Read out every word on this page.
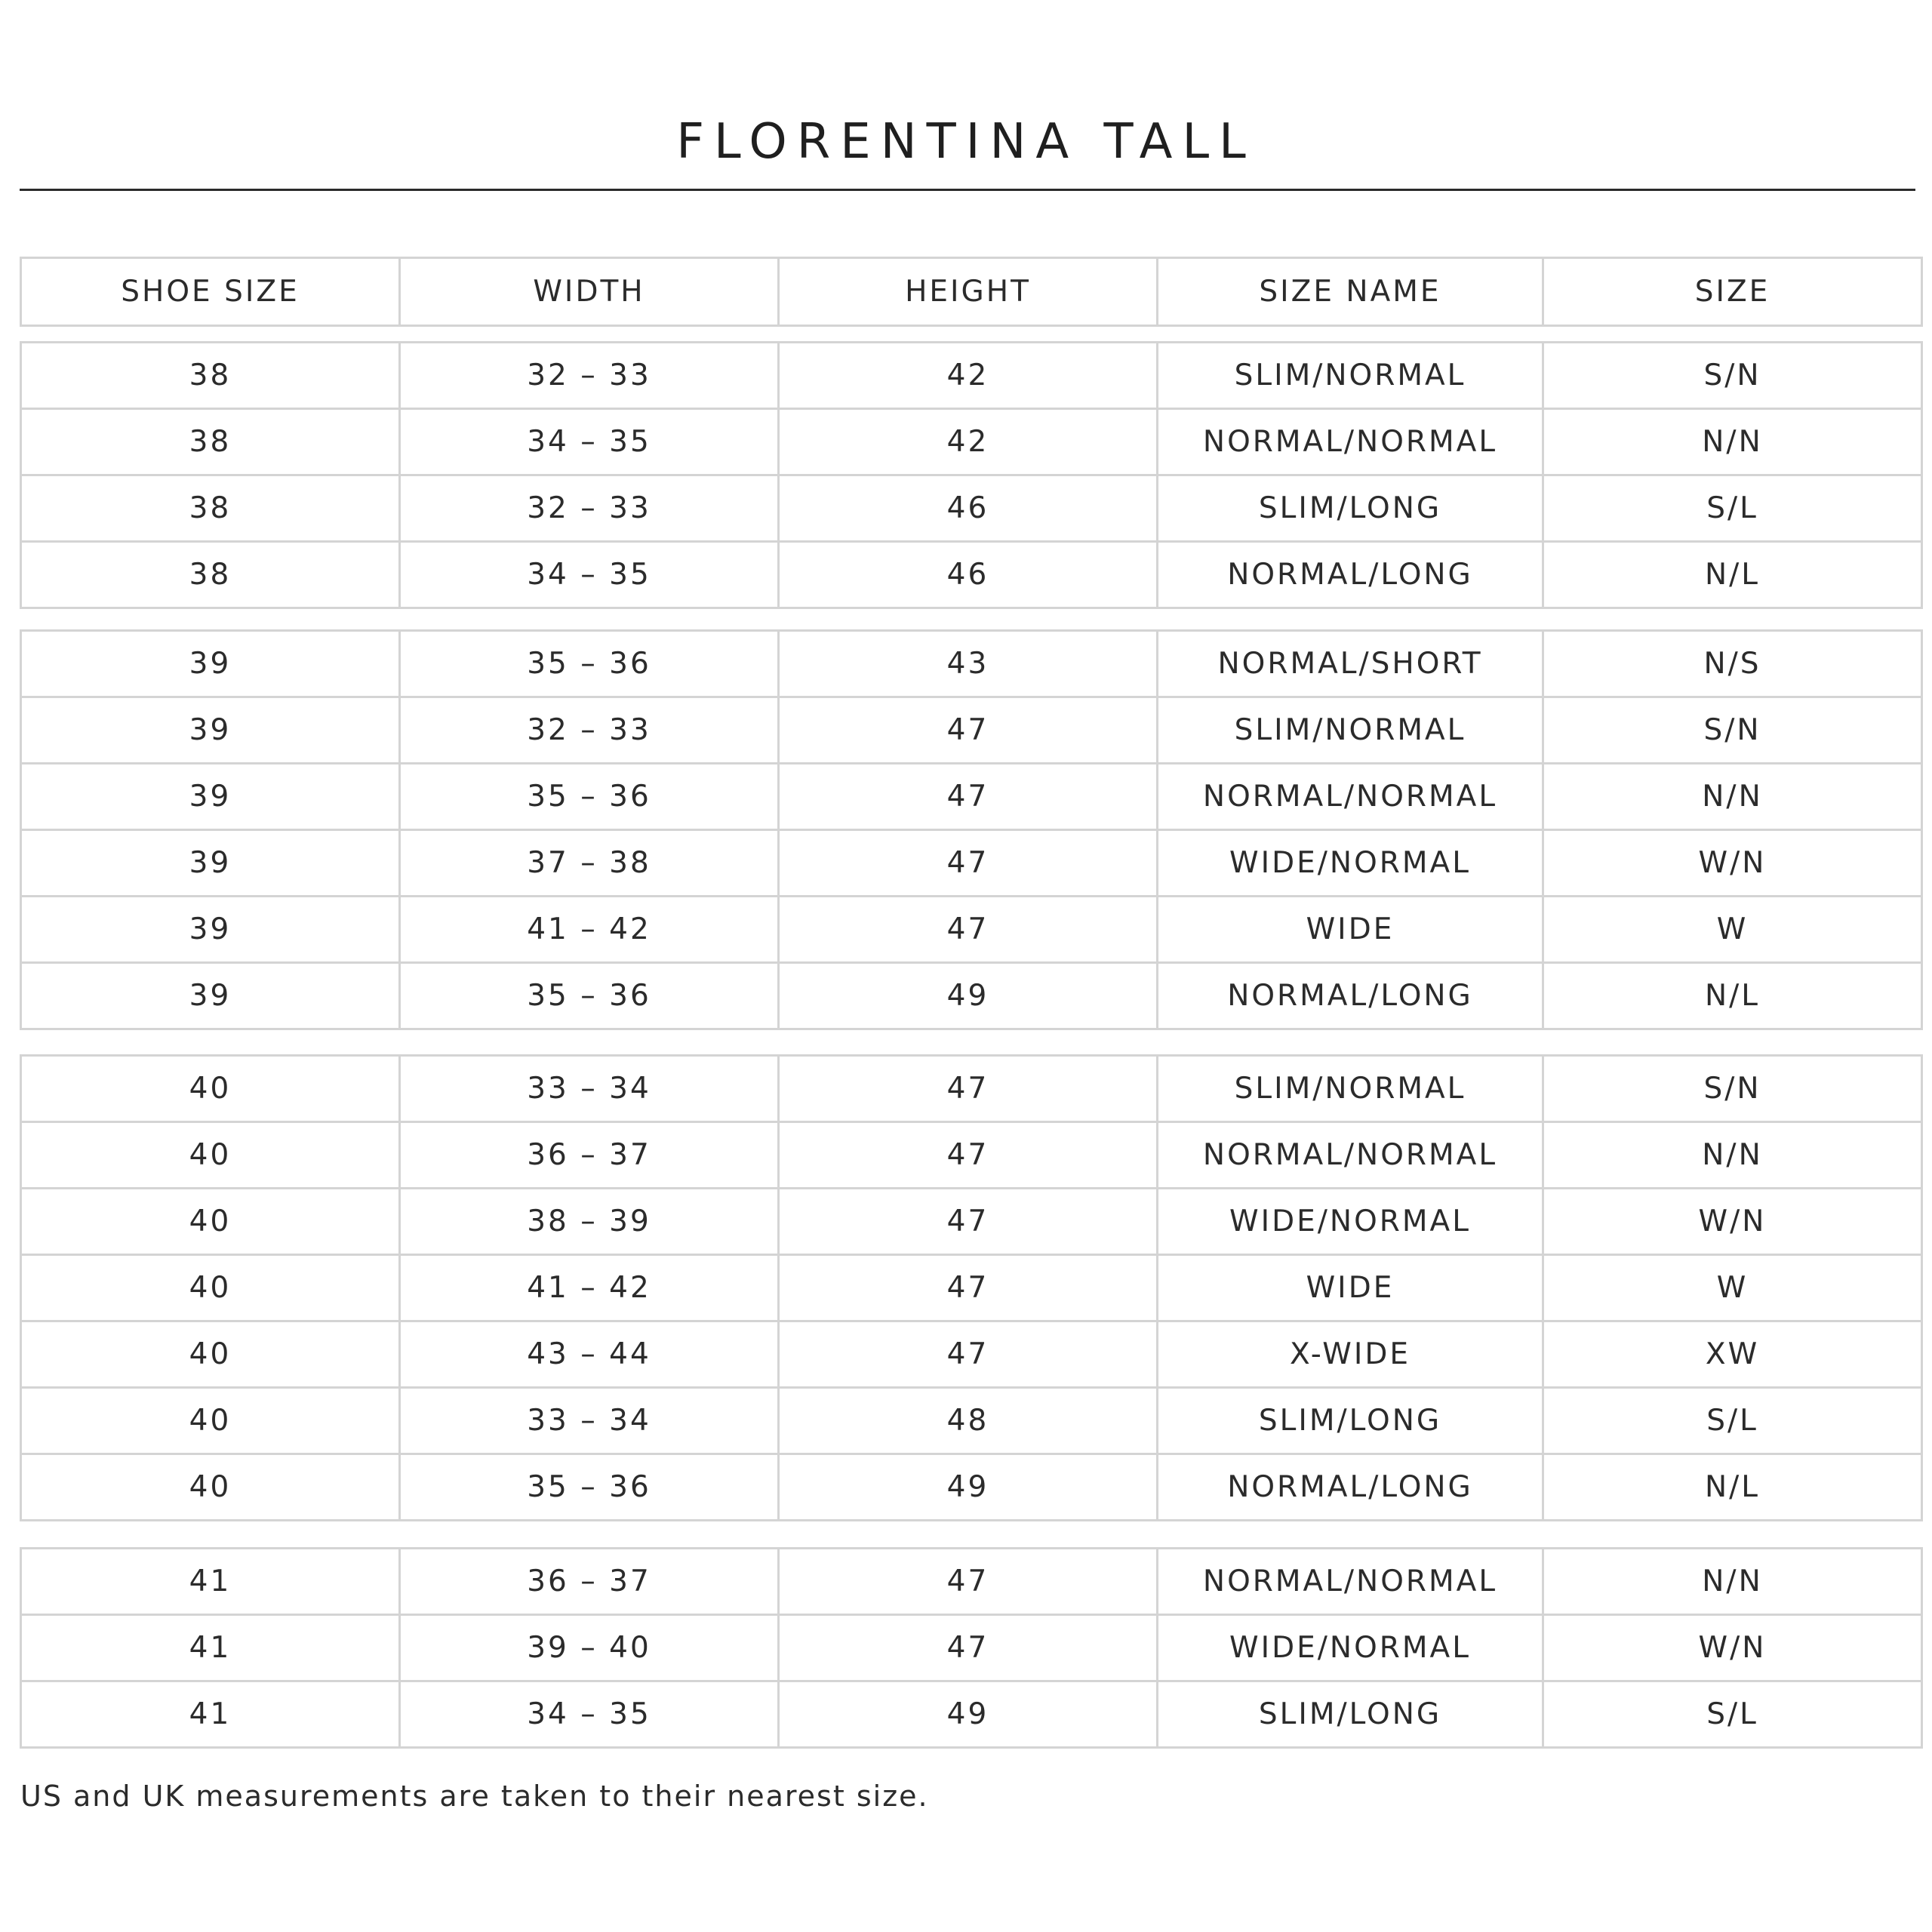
FLORENTINA TALL
SHOE SIZE	WIDTH	HEIGHT	SIZE NAME	SIZE
38	32 – 33	42	SLIM/NORMAL	S/N
38	34 – 35	42	NORMAL/NORMAL	N/N
38	32 – 33	46	SLIM/LONG	S/L
38	34 – 35	46	NORMAL/LONG	N/L
39	35 – 36	43	NORMAL/SHORT	N/S
39	32 – 33	47	SLIM/NORMAL	S/N
39	35 – 36	47	NORMAL/NORMAL	N/N
39	37 – 38	47	WIDE/NORMAL	W/N
39	41 – 42	47	WIDE	W
39	35 – 36	49	NORMAL/LONG	N/L
40	33 – 34	47	SLIM/NORMAL	S/N
40	36 – 37	47	NORMAL/NORMAL	N/N
40	38 – 39	47	WIDE/NORMAL	W/N
40	41 – 42	47	WIDE	W
40	43 – 44	47	X-WIDE	XW
40	33 – 34	48	SLIM/LONG	S/L
40	35 – 36	49	NORMAL/LONG	N/L
41	36 – 37	47	NORMAL/NORMAL	N/N
41	39 – 40	47	WIDE/NORMAL	W/N
41	34 – 35	49	SLIM/LONG	S/L
US and UK measurements are taken to their nearest size.
